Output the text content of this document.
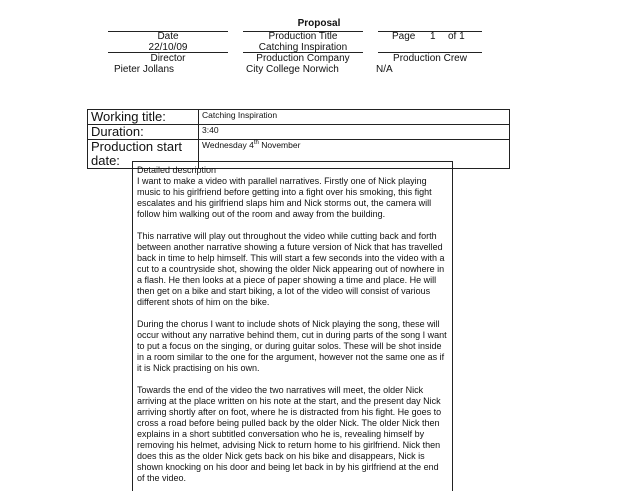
Proposal
Date	Production Title	Page 1 of 1
22/10/09	Catching Inspiration
Director	Production Company	Production Crew
Pieter Jollans	City College Norwich	N/A
Working title:	Catching Inspiration
Duration:	3:40
Production start date:	Wednesday 4th November
Detailed description

I want to make a video with parallel narratives. Firstly one of Nick playing music to his girlfriend before getting into a fight over his smoking, this fight escalates and his girlfriend slaps him and Nick storms out, the camera will follow him walking out of the room and away from the building.

This narrative will play out throughout the video while cutting back and forth between another narrative showing a future version of Nick that has travelled back in time to help himself. This will start a few seconds into the video with a cut to a countryside shot, showing the older Nick appearing out of nowhere in a flash. He then looks at a piece of paper showing a time and place. He will then get on a bike and start biking, a lot of the video will consist of various different shots of him on the bike.

During the chorus I want to include shots of Nick playing the song, these will occur without any narrative behind them, cut in during parts of the song I want to put a focus on the singing, or during guitar solos. These will be shot inside in a room similar to the one for the argument, however not the same one as if it is Nick practising on his own.

Towards the end of the video the two narratives will meet, the older Nick arriving at the place written on his note at the start, and the present day Nick arriving shortly after on foot, where he is distracted from his fight. He goes to cross a road before being pulled back by the older Nick. The older Nick then explains in a short subtitled conversation who he is, revealing himself by removing his helmet, advising Nick to return home to his girlfriend. Nick then does this as the older Nick gets back on his bike and disappears, Nick is shown knocking on his door and being let back in by his girlfriend at the end of the video.
